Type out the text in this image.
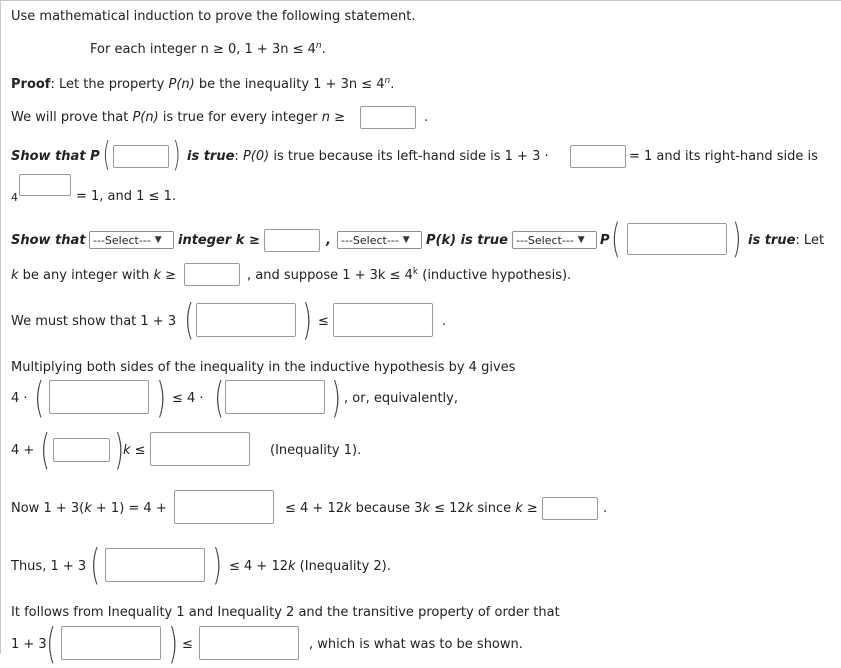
Use mathematical induction to prove the following statement.
For each integer n ≥ 0, $1 + 3n \le 4^n$.
Proof: Let the property P(n) be the inequality $1 + 3n \le 4^n$.
We will prove that P(n) is true for every integer n ≥	.
Show that P ( ) is true: P(0) is true because its left-hand side is 1 + 3 ·	= 1 and its right-hand side is
4	= 1, and 1 ≤ 1.
Show that ---Select--- ▼ integer k ≥	, ---Select--- ▼ P(k) is true ---Select--- ▼ P (	) is true: Let
k be any integer with k ≥	, and suppose $1 + 3k \le 4^k$ (inductive hypothesis).
We must show that 1 + 3 (	) ≤	.
Multiplying both sides of the inequality in the inductive hypothesis by 4 gives
4 · (	) ≤ 4 · (	) , or, equivalently,
4 + ( )
k ≤	(Inequality 1).
Now 1 + 3(k + 1) = 4 +	≤ 4 + 12k because 3k ≤ 12k since k ≥	.
Thus, 1 + 3 (	) ≤ 4 + 12k (Inequality 2).
It follows from Inequality 1 and Inequality 2 and the transitive property of order that
1 + 3 (	) ≤	, which is what was to be shown.
